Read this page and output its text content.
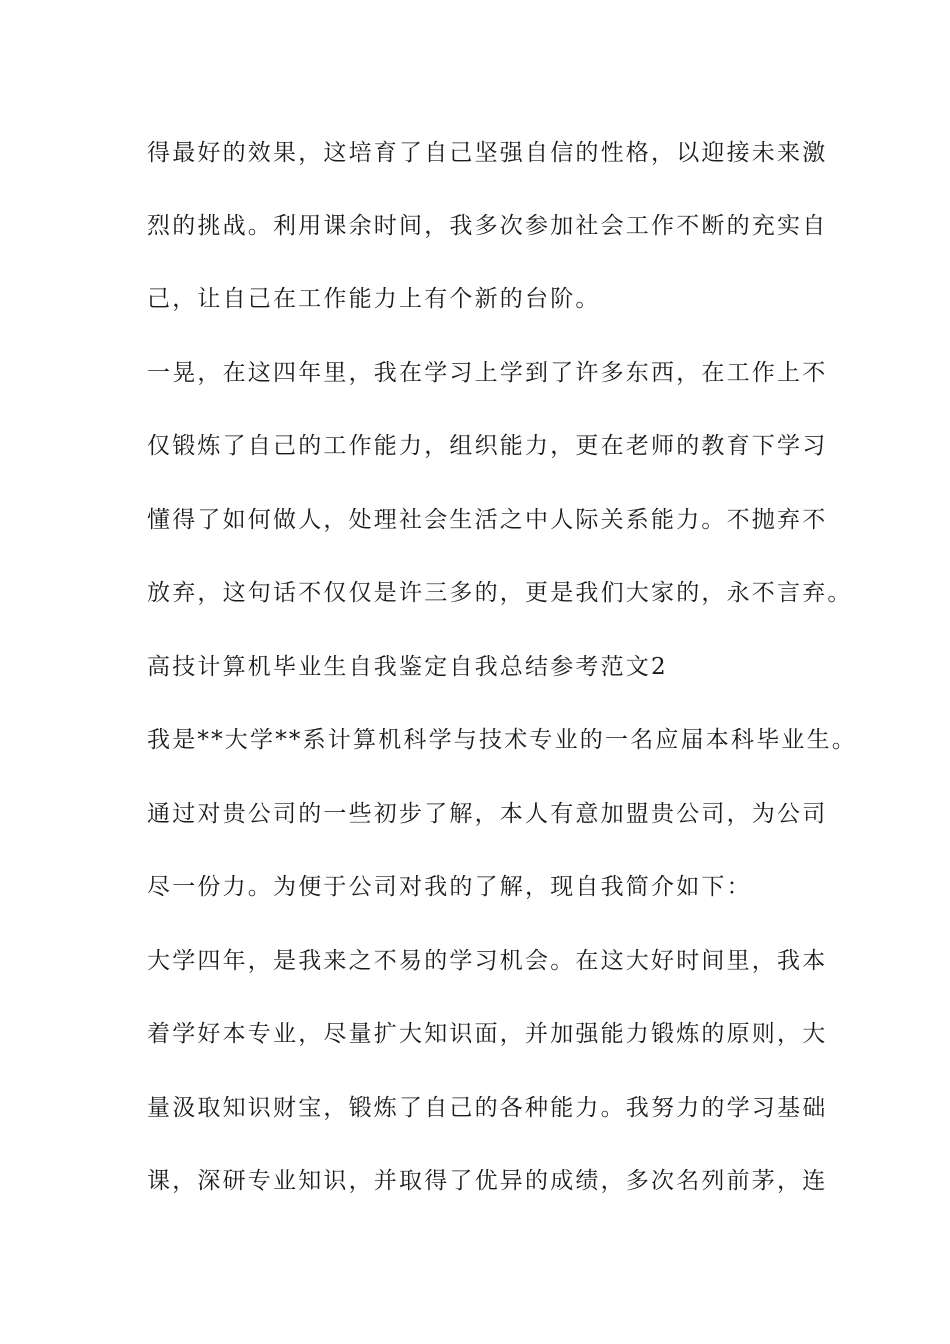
得最好的效果，这培育了自己坚强自信的性格，以迎接未来激
烈的挑战。利用课余时间，我多次参加社会工作不断的充实自
己，让自己在工作能力上有个新的台阶。
一晃，在这四年里，我在学习上学到了许多东西，在工作上不
仅锻炼了自己的工作能力，组织能力，更在老师的教育下学习
懂得了如何做人，处理社会生活之中人际关系能力。不抛弃不
放弃，这句话不仅仅是许三多的，更是我们大家的，永不言弃。
高技计算机毕业生自我鉴定自我总结参考范文2
我是**大学**系计算机科学与技术专业的一名应届本科毕业生。
通过对贵公司的一些初步了解，本人有意加盟贵公司，为公司
尽一份力。为便于公司对我的了解，现自我简介如下：
大学四年，是我来之不易的学习机会。在这大好时间里，我本
着学好本专业，尽量扩大知识面，并加强能力锻炼的原则，大
量汲取知识财宝，锻炼了自己的各种能力。我努力的学习基础
课，深研专业知识，并取得了优异的成绩，多次名列前茅，连
